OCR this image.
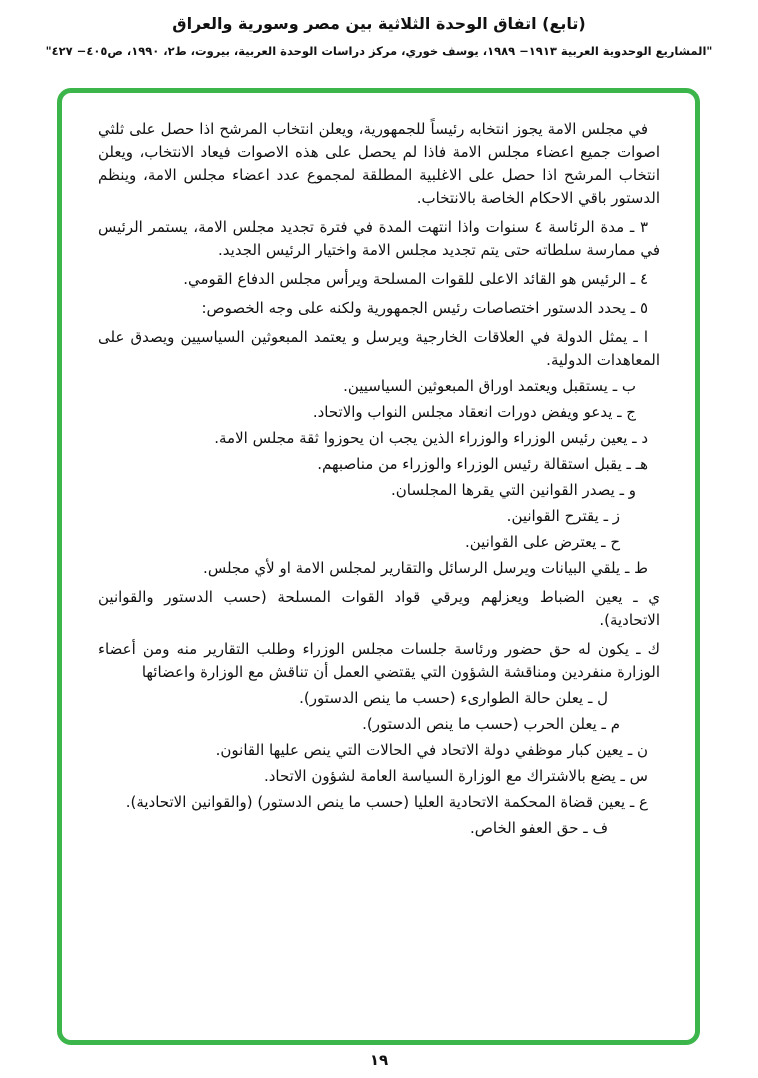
(تابع) اتفاق الوحدة الثلاثية بين مصر وسورية والعراق
"المشاريع الوحدوية العربية ١٩١٣− ١٩٨٩، يوسف خوري، مركز دراسات الوحدة العربية، بيروت، ط٢، ١٩٩٠، ص٤٠٥− ٤٢٧"

في مجلس الامة يجوز انتخابه رئيساً للجمهورية، ويعلن انتخاب المرشح اذا حصل على ثلثي اصوات جميع اعضاء مجلس الامة فاذا لم يحصل على هذه الاصوات فيعاد الانتخاب، ويعلن انتخاب المرشح اذا حصل على الاغلبية المطلقة لمجموع عدد اعضاء مجلس الامة، وينظم الدستور باقي الاحكام الخاصة بالانتخاب.

٣ ـ مدة الرئاسة ٤ سنوات واذا انتهت المدة في فترة تجديد مجلس الامة، يستمر الرئيس في ممارسة سلطاته حتى يتم تجديد مجلس الامة واختيار الرئيس الجديد.

٤ ـ الرئيس هو القائد الاعلى للقوات المسلحة ويرأس مجلس الدفاع القومي.

٥ ـ يحدد الدستور اختصاصات رئيس الجمهورية ولكنه على وجه الخصوص:

ا ـ يمثل الدولة في العلاقات الخارجية ويرسل و يعتمد المبعوثين السياسيين ويصدق على المعاهدات الدولية.

ب ـ يستقبل ويعتمد اوراق المبعوثين السياسيين.

ج ـ يدعو ويفض دورات انعقاد مجلس النواب والاتحاد.

د ـ يعين رئيس الوزراء والوزراء الذين يجب ان يحوزوا ثقة مجلس الامة.

هـ ـ يقبل استقالة رئيس الوزراء والوزراء من مناصبهم.

و ـ يصدر القوانين التي يقرها المجلسان.

ز ـ يقترح القوانين.

ح ـ يعترض على القوانين.

ط ـ يلقي البيانات ويرسل الرسائل والتقارير لمجلس الامة او لأي مجلس.

ي ـ يعين الضباط ويعزلهم ويرقي قواد القوات المسلحة (حسب الدستور والقوانين الاتحادية).

ك ـ يكون له حق حضور ورئاسة جلسات مجلس الوزراء وطلب التقارير منه ومن أعضاء الوزارة منفردين ومناقشة الشؤون التي يقتضي العمل أن تناقش مع الوزارة واعضائها

ل ـ يعلن حالة الطوارىء (حسب ما ينص الدستور).

م ـ يعلن الحرب (حسب ما ينص الدستور).

ن ـ يعين كبار موظفي دولة الاتحاد في الحالات التي ينص عليها القانون.

س ـ يضع بالاشتراك مع الوزارة السياسة العامة لشؤون الاتحاد.

ع ـ يعين قضاة المحكمة الاتحادية العليا (حسب ما ينص الدستور) (والقوانين الاتحادية).

ف ـ حق العفو الخاص.

١٩
